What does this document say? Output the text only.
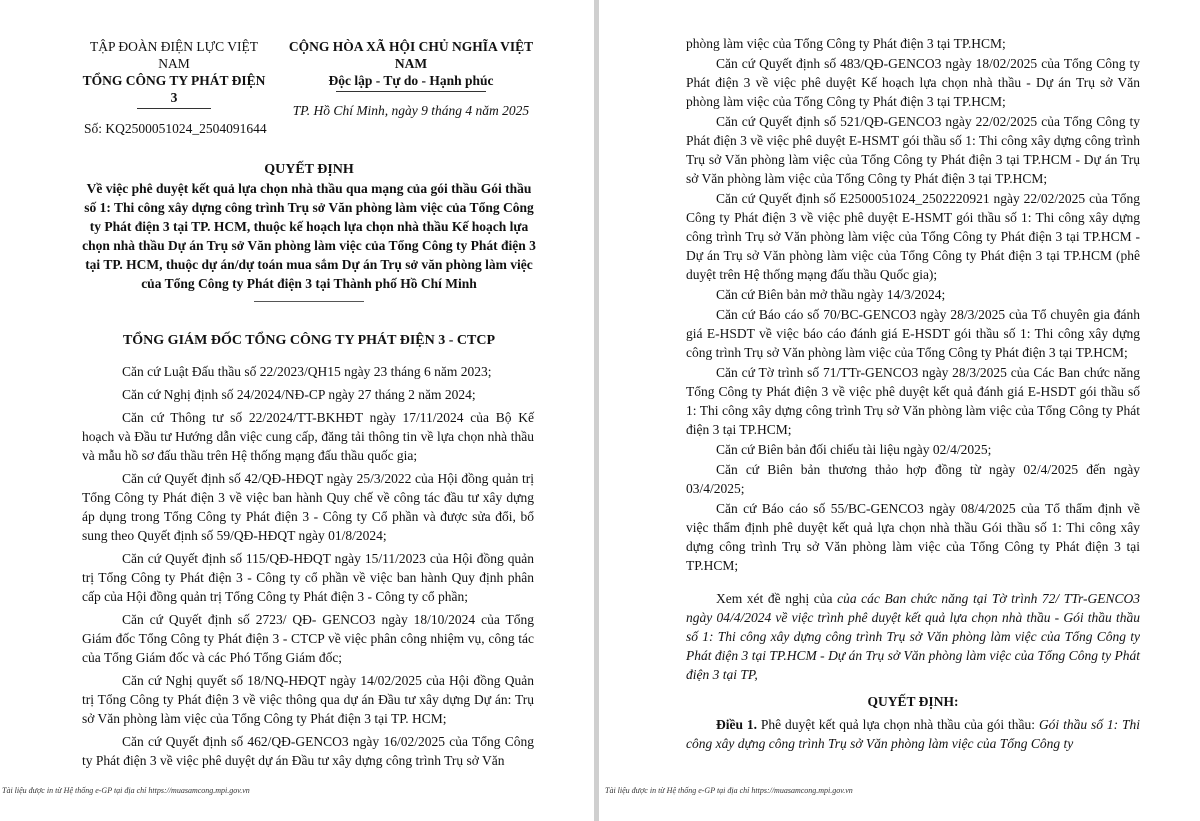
TẬP ĐOÀN ĐIỆN LỰC VIỆT NAM
TỔNG CÔNG TY PHÁT ĐIỆN 3
CỘNG HÒA XÃ HỘI CHỦ NGHĨA VIỆT NAM
Độc lập - Tự do - Hạnh phúc
TP. Hồ Chí Minh, ngày 9 tháng 4 năm 2025
Số: KQ2500051024_2504091644
QUYẾT ĐỊNH
Về việc phê duyệt kết quả lựa chọn nhà thầu qua mạng của gói thầu Gói thầu số 1: Thi công xây dựng công trình Trụ sở Văn phòng làm việc của Tổng Công ty Phát điện 3 tại TP. HCM, thuộc kế hoạch lựa chọn nhà thầu Kế hoạch lựa chọn nhà thầu Dự án Trụ sở Văn phòng làm việc của Tổng Công ty Phát điện 3 tại TP. HCM, thuộc dự án/dự toán mua sắm Dự án Trụ sở văn phòng làm việc của Tổng Công ty Phát điện 3 tại Thành phố Hồ Chí Minh
TỔNG GIÁM ĐỐC TỔNG CÔNG TY PHÁT ĐIỆN 3 - CTCP

Căn cứ Luật Đấu thầu số 22/2023/QH15 ngày 23 tháng 6 năm 2023;

Căn cứ Nghị định số 24/2024/NĐ-CP ngày 27 tháng 2 năm 2024;

Căn cứ Thông tư số 22/2024/TT-BKHĐT ngày 17/11/2024 của Bộ Kế hoạch và Đầu tư Hướng dẫn việc cung cấp, đăng tải thông tin về lựa chọn nhà thầu và mẫu hồ sơ đấu thầu trên Hệ thống mạng đấu thầu quốc gia;

Căn cứ Quyết định số 42/QĐ-HĐQT ngày 25/3/2022 của Hội đồng quản trị Tổng Công ty Phát điện 3 về việc ban hành Quy chế về công tác đầu tư xây dựng áp dụng trong Tổng Công ty Phát điện 3 - Công ty Cổ phần và được sửa đổi, bổ sung theo Quyết định số 59/QĐ-HĐQT ngày 01/8/2024;

Căn cứ Quyết định số 115/QĐ-HĐQT ngày 15/11/2023 của Hội đồng quản trị Tổng Công ty Phát điện 3 - Công ty cổ phần về việc ban hành Quy định phân cấp của Hội đồng quản trị Tổng Công ty Phát điện 3 - Công ty cổ phần;

Căn cứ Quyết định số 2723/ QĐ- GENCO3 ngày 18/10/2024 của Tổng Giám đốc Tổng Công ty Phát điện 3 - CTCP về việc phân công nhiệm vụ, công tác của Tổng Giám đốc và các Phó Tổng Giám đốc;

Căn cứ Nghị quyết số 18/NQ-HĐQT ngày 14/02/2025 của Hội đồng Quản trị Tổng Công ty Phát điện 3 về việc thông qua dự án Đầu tư xây dựng Dự án: Trụ sở Văn phòng làm việc của Tổng Công ty Phát điện 3 tại TP. HCM;

Căn cứ Quyết định số 462/QĐ-GENCO3 ngày 16/02/2025 của Tổng Công ty Phát điện 3 về việc phê duyệt dự án Đầu tư xây dựng công trình Trụ sở Văn

Tài liệu được in từ Hệ thống e-GP tại địa chỉ https://muasamcong.mpi.gov.vn

phòng làm việc của Tổng Công ty Phát điện 3 tại TP.HCM;

Căn cứ Quyết định số 483/QĐ-GENCO3 ngày 18/02/2025 của Tổng Công ty Phát điện 3 về việc phê duyệt Kế hoạch lựa chọn nhà thầu - Dự án Trụ sở Văn phòng làm việc của Tổng Công ty Phát điện 3 tại TP.HCM;

Căn cứ Quyết định số 521/QĐ-GENCO3 ngày 22/02/2025 của Tổng Công ty Phát điện 3 về việc phê duyệt E-HSMT gói thầu số 1: Thi công xây dựng công trình Trụ sở Văn phòng làm việc của Tổng Công ty Phát điện 3 tại TP.HCM - Dự án Trụ sở Văn phòng làm việc của Tổng Công ty Phát điện 3 tại TP.HCM;

Căn cứ Quyết định số E2500051024_2502220921 ngày 22/02/2025 của Tổng Công ty Phát điện 3 về việc phê duyệt E-HSMT gói thầu số 1: Thi công xây dựng công trình Trụ sở Văn phòng làm việc của Tổng Công ty Phát điện 3 tại TP.HCM - Dự án Trụ sở Văn phòng làm việc của Tổng Công ty Phát điện 3 tại TP.HCM (phê duyệt trên Hệ thống mạng đấu thầu Quốc gia);

Căn cứ Biên bản mở thầu ngày 14/3/2024;

Căn cứ Báo cáo số 70/BC-GENCO3 ngày 28/3/2025 của Tổ chuyên gia đánh giá E-HSDT về việc báo cáo đánh giá E-HSDT gói thầu số 1: Thi công xây dựng công trình Trụ sở Văn phòng làm việc của Tổng Công ty Phát điện 3 tại TP.HCM;

Căn cứ Tờ trình số 71/TTr-GENCO3 ngày 28/3/2025 của Các Ban chức năng Tổng Công ty Phát điện 3 về việc phê duyệt kết quả đánh giá E-HSDT gói thầu số 1: Thi công xây dựng công trình Trụ sở Văn phòng làm việc của Tổng Công ty Phát điện 3 tại TP.HCM;

Căn cứ Biên bản đối chiếu tài liệu ngày 02/4/2025;

Căn cứ Biên bản thương thảo hợp đồng từ ngày 02/4/2025 đến ngày 03/4/2025;

Căn cứ Báo cáo số 55/BC-GENCO3 ngày 08/4/2025 của Tổ thẩm định về việc thẩm định phê duyệt kết quả lựa chọn nhà thầu Gói thầu số 1: Thi công xây dựng công trình Trụ sở Văn phòng làm việc của Tổng Công ty Phát điện 3 tại TP.HCM;

Xem xét đề nghị của của các Ban chức năng tại Tờ trình 72/ TTr-GENCO3 ngày 04/4/2024 về việc trình phê duyệt kết quả lựa chọn nhà thầu - Gói thầu thầu số 1: Thi công xây dựng công trình Trụ sở Văn phòng làm việc của Tổng Công ty Phát điện 3 tại TP.HCM - Dự án Trụ sở Văn phòng làm việc của Tổng Công ty Phát điện 3 tại TP,

QUYẾT ĐỊNH:

Điều 1. Phê duyệt kết quả lựa chọn nhà thầu của gói thầu: Gói thầu số 1: Thi công xây dựng công trình Trụ sở Văn phòng làm việc của Tổng Công ty

Tài liệu được in từ Hệ thống e-GP tại địa chỉ https://muasamcong.mpi.gov.vn
